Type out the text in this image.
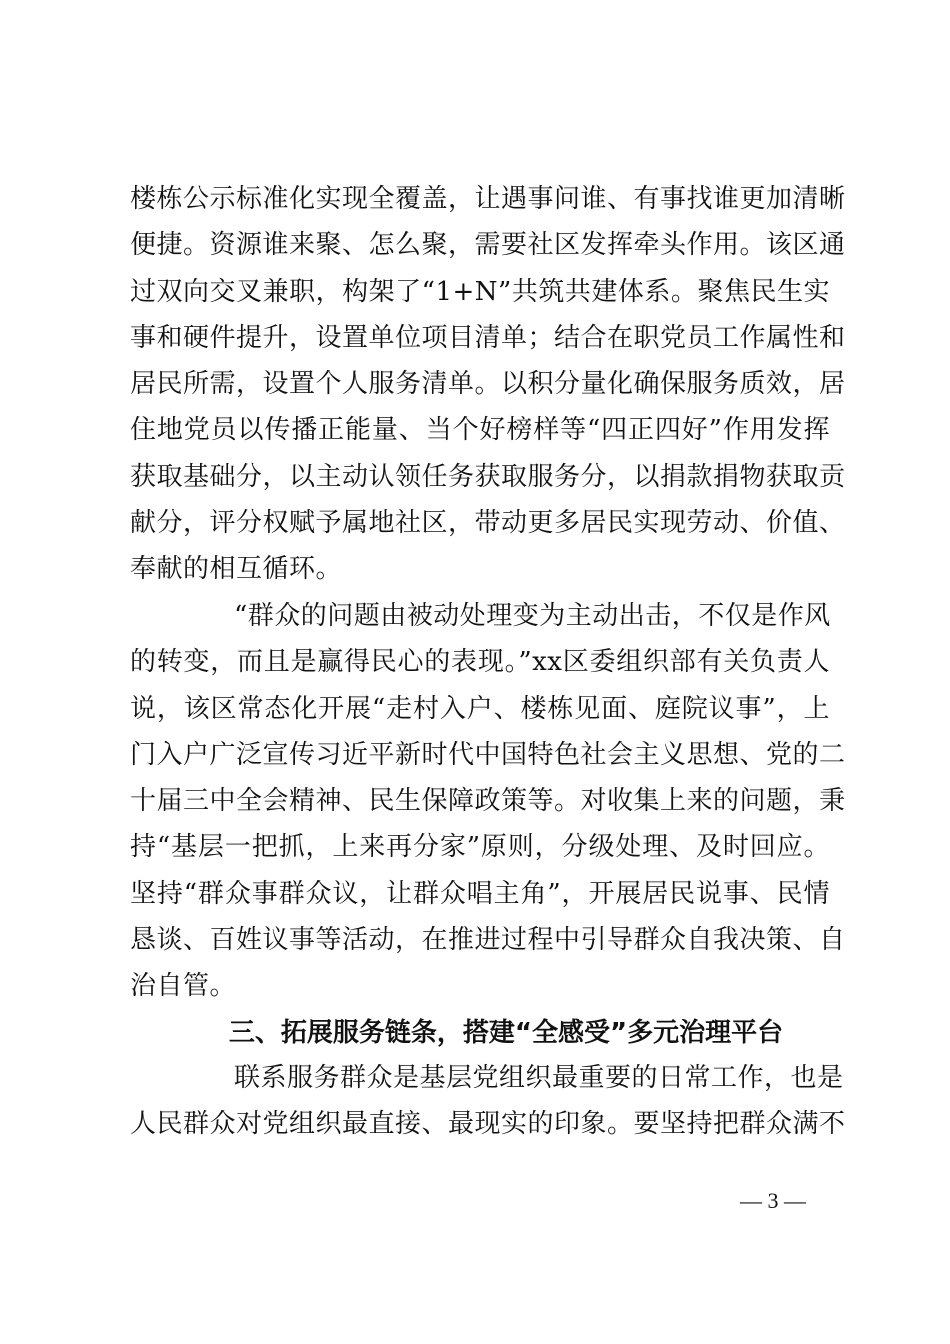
楼栋公示标准化实现全覆盖，让遇事问谁、有事找谁更加清晰
便捷。资源谁来聚、怎么聚，需要社区发挥牵头作用。该区通
过双向交叉兼职，构架了“1+N”共筑共建体系。聚焦民生实
事和硬件提升，设置单位项目清单；结合在职党员工作属性和
居民所需，设置个人服务清单。以积分量化确保服务质效，居
住地党员以传播正能量、当个好榜样等“四正四好”作用发挥
获取基础分，以主动认领任务获取服务分，以捐款捐物获取贡
献分，评分权赋予属地社区，带动更多居民实现劳动、价值、
奉献的相互循环。
“群众的问题由被动处理变为主动出击，不仅是作风
的转变，而且是赢得民心的表现。”xx区委组织部有关负责人
说，该区常态化开展“走村入户、楼栋见面、庭院议事”，上
门入户广泛宣传习近平新时代中国特色社会主义思想、党的二
十届三中全会精神、民生保障政策等。对收集上来的问题，秉
持“基层一把抓，上来再分家”原则，分级处理、及时回应。
坚持“群众事群众议，让群众唱主角”，开展居民说事、民情
恳谈、百姓议事等活动，在推进过程中引导群众自我决策、自
治自管。
三、拓展服务链条，搭建“全感受”多元治理平台
联系服务群众是基层党组织最重要的日常工作，也是
人民群众对党组织最直接、最现实的印象。要坚持把群众满不
— 3 —
